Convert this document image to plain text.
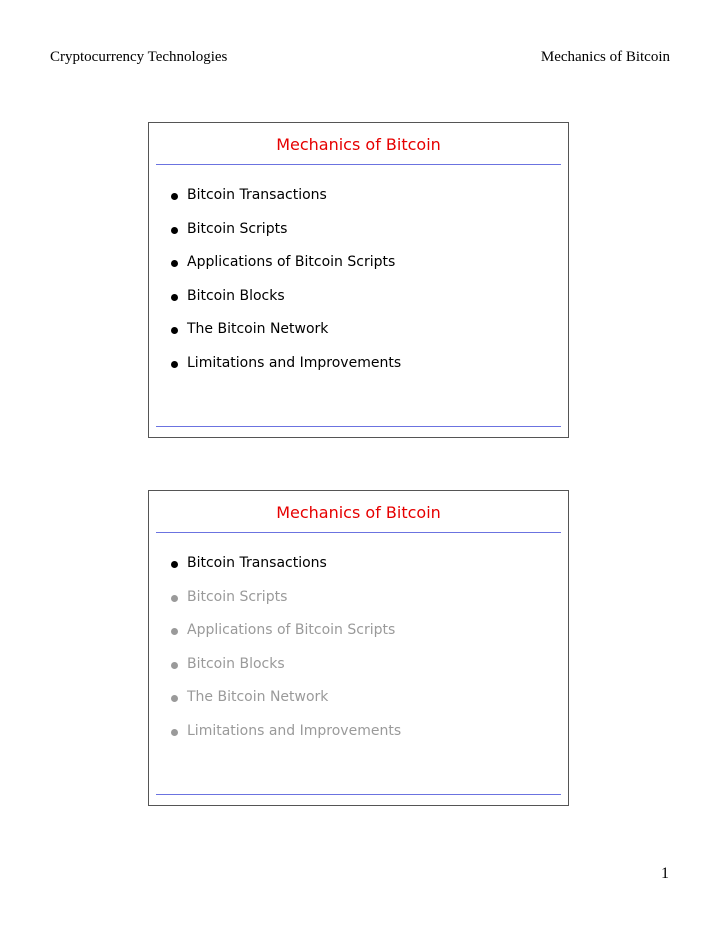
Cryptocurrency Technologies	Mechanics of Bitcoin
Mechanics of Bitcoin
Bitcoin Transactions
Bitcoin Scripts
Applications of Bitcoin Scripts
Bitcoin Blocks
The Bitcoin Network
Limitations and Improvements
Mechanics of Bitcoin
Bitcoin Transactions
Bitcoin Scripts
Applications of Bitcoin Scripts
Bitcoin Blocks
The Bitcoin Network
Limitations and Improvements
1
